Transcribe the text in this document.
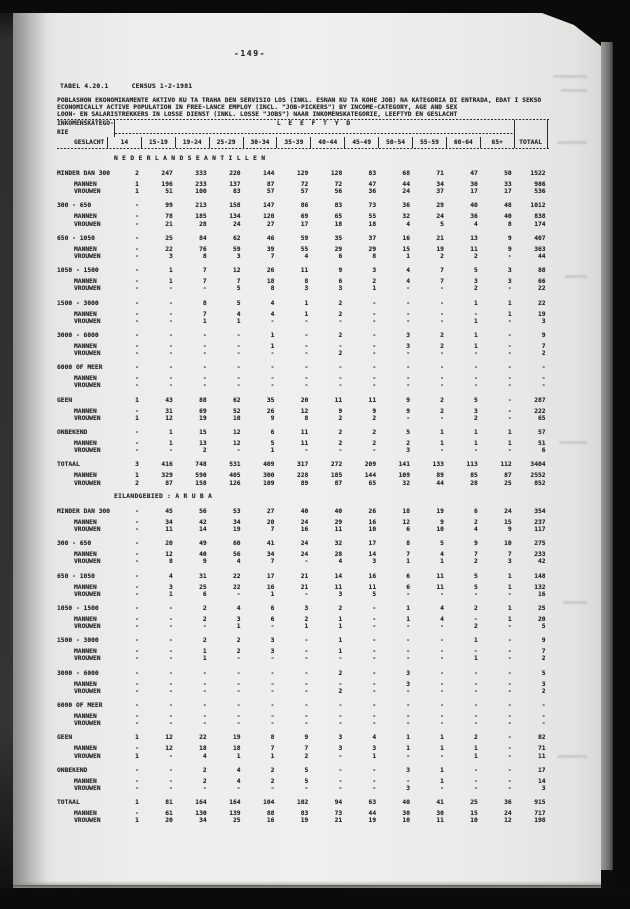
-149-
TABEL 4.20.1	CENSUS 1-2-1981
POBLASHON EKONOMIKAMENTE AKTIVO KU TA TRAHA DEN SERVISIO LOS (INKL. ESNAN KU TA KOHE JOB) NA KATEGORIA DI ENTRADA, EDAT I SEKSO
ECONOMICALLY ACTIVE POPULATION IN FREE-LANCE EMPLOY (INCL. "JOB-PICKERS") BY INCOME-CATEGORY, AGE AND SEX
LOON- EN SALARISTREKKERS IN LOSSE DIENST (INKL. LOSSE "JOBS") NAAR INKOMENSKATEGORIE, LEEFTYD EN GESLACHT
INKOMENSKATEGO-	L E E F T Y D
RIE
GESLACHT	14	15-19	19-24	25-29	30-34	35-39	40-44	45-49	50-54	55-59	60-64	65+	TOTAAL
N E D E R L A N D S E A N T I L L E N
MINDER DAN 300	2	247	333	220	144	129	128	83	68	71	47	50	1522
MANNEN	1	196	233	137	87	72	72	47	44	34	30	33	986
VROUWEN	1	51	100	83	57	57	56	36	24	37	17	17	536
300 - 650	-	99	213	158	147	86	83	73	36	29	40	48	1012
MANNEN	-	78	185	134	120	69	65	55	32	24	36	40	838
VROUWEN	-	21	28	24	27	17	18	18	4	5	4	8	174
650 - 1050	-	25	84	62	46	59	35	37	16	21	13	9	407
MANNEN	-	22	76	59	39	55	29	29	15	19	11	9	363
VROUWEN	-	3	8	3	7	4	6	8	1	2	2	-	44
1050 - 1500	-	1	7	12	26	11	9	3	4	7	5	3	88
MANNEN	-	1	7	7	18	8	6	2	4	7	3	3	66
VROUWEN	-	-	-	5	8	3	3	1	-	-	2	-	22
1500 - 3000	-	-	8	5	4	1	2	-	-	-	1	1	22
MANNEN	-	-	7	4	4	1	2	-	-	-	-	1	19
VROUWEN	-	-	1	1	-	-	-	-	-	-	1	-	3
3000 - 6000	-	-	-	-	1	-	2	-	3	2	1	-	9
MANNEN	-	-	-	-	1	-	-	-	3	2	1	-	7
VROUWEN	-	-	-	-	-	-	2	-	-	-	-	-	2
6000 OF MEER	-	-	-	-	-	-	-	-	-	-	-	-	-
MANNEN	-	-	-	-	-	-	-	-	-	-	-	-	-
VROUWEN	-	-	-	-	-	-	-	-	-	-	-	-	-
GEEN	1	43	88	62	35	20	11	11	9	2	5	-	287
MANNEN	-	31	69	52	26	12	9	9	9	2	3	-	222
VROUWEN	1	12	19	10	9	8	2	2	-	-	2	-	65
ONBEKEND	-	1	15	12	6	11	2	2	5	1	1	1	57
MANNEN	-	1	13	12	5	11	2	2	2	1	1	1	51
VROUWEN	-	-	2	-	1	-	-	-	3	-	-	-	6
TOTAAL	3	416	748	531	409	317	272	209	141	133	113	112	3404
MANNEN	1	329	590	405	300	228	185	144	109	89	85	87	2552
VROUWEN	2	87	158	126	109	89	87	65	32	44	28	25	852
EILANDGEBIED : A R U B A
MINDER DAN 300	-	45	56	53	27	40	40	26	18	19	6	24	354
MANNEN	-	34	42	34	20	24	29	16	12	9	2	15	237
VROUWEN	-	11	14	19	7	16	11	10	6	10	4	9	117
300 - 650	-	20	49	60	41	24	32	17	8	5	9	10	275
MANNEN	-	12	40	56	34	24	28	14	7	4	7	7	233
VROUWEN	-	8	9	4	7	-	4	3	1	1	2	3	42
650 - 1050	-	4	31	22	17	21	14	16	6	11	5	1	148
MANNEN	-	3	25	22	16	21	11	11	6	11	5	1	132
VROUWEN	-	1	6	-	1	-	3	5	-	-	-	-	16
1050 - 1500	-	-	2	4	6	3	2	-	1	4	2	1	25
MANNEN	-	-	2	3	6	2	1	-	1	4	-	1	20
VROUWEN	-	-	-	1	-	1	1	-	-	-	2	-	5
1500 - 3000	-	-	2	2	3	-	1	-	-	-	1	-	9
MANNEN	-	-	1	2	3	-	1	-	-	-	-	-	7
VROUWEN	-	-	1	-	-	-	-	-	-	-	1	-	2
3000 - 6000	-	-	-	-	-	-	2	-	3	-	-	-	5
MANNEN	-	-	-	-	-	-	-	-	3	-	-	-	3
VROUWEN	-	-	-	-	-	-	2	-	-	-	-	-	2
6000 OF MEER	-	-	-	-	-	-	-	-	-	-	-	-	-
MANNEN	-	-	-	-	-	-	-	-	-	-	-	-	-
VROUWEN	-	-	-	-	-	-	-	-	-	-	-	-	-
GEEN	1	12	22	19	8	9	3	4	1	1	2	-	82
MANNEN	-	12	18	18	7	7	3	3	1	1	1	-	71
VROUWEN	1	-	4	1	1	2	-	1	-	-	1	-	11
ONBEKEND	-	-	2	4	2	5	-	-	3	1	-	-	17
MANNEN	-	-	2	4	2	5	-	-	-	1	-	-	14
VROUWEN	-	-	-	-	-	-	-	-	3	-	-	-	3
TOTAAL	1	81	164	164	104	102	94	63	40	41	25	36	915
MANNEN	-	61	130	139	88	83	73	44	30	30	15	24	717
VROUWEN	1	20	34	25	16	19	21	19	10	11	10	12	198
